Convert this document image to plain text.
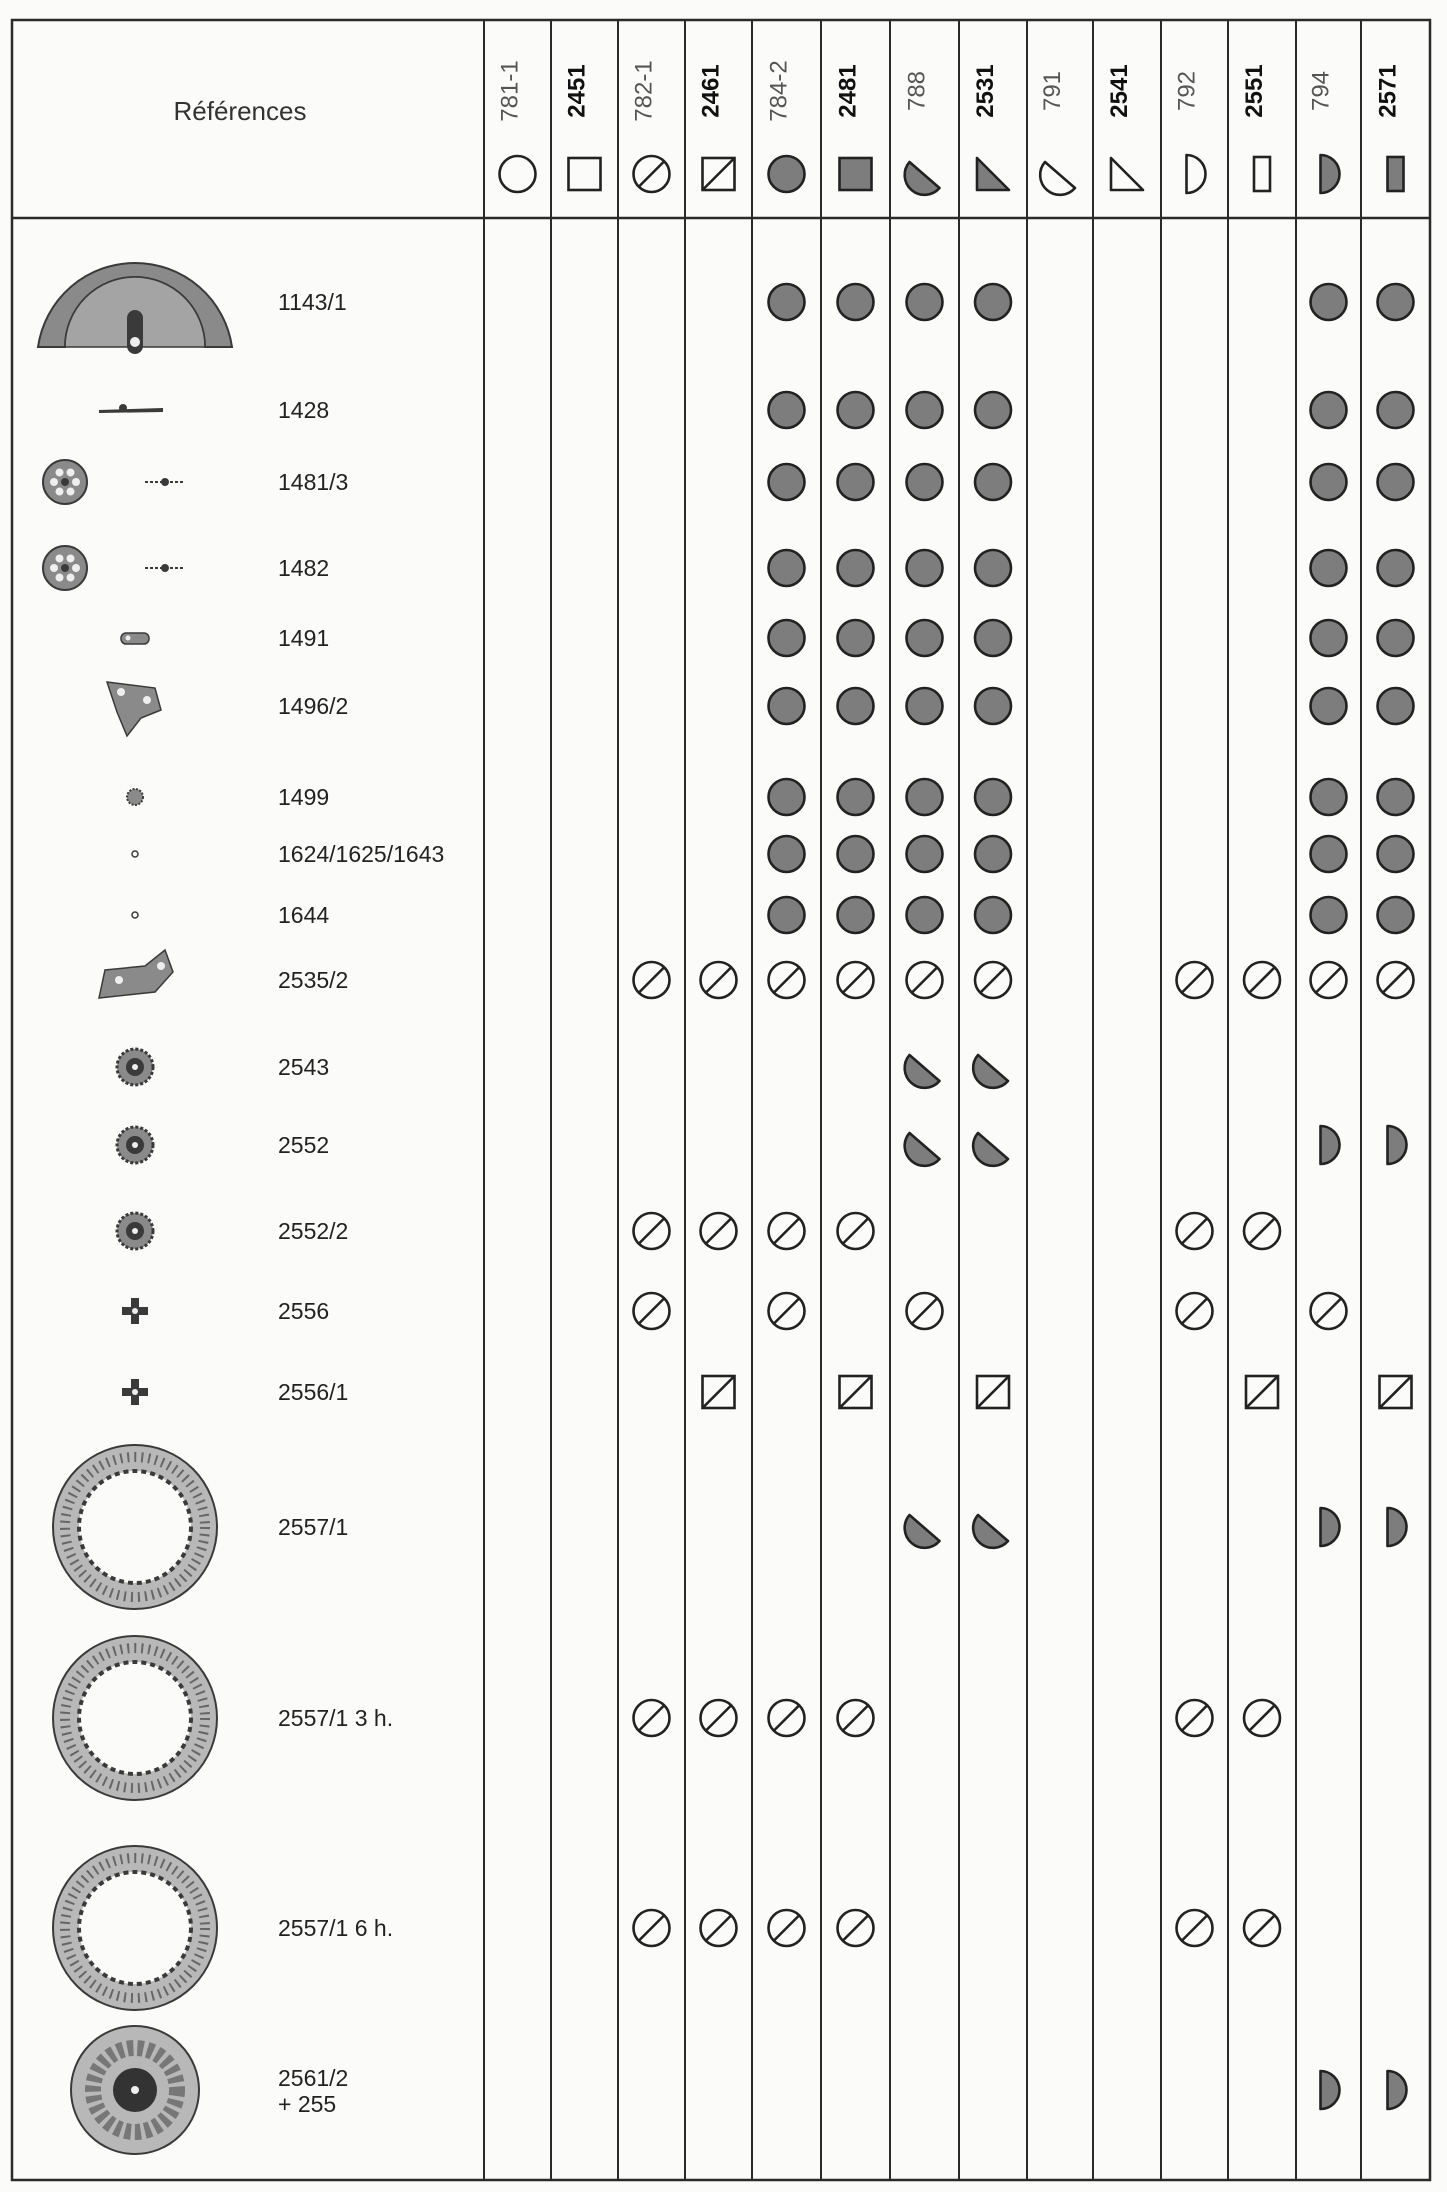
Références	781-1 2451 782-1 2461 784-2 2481 788 2531 791 2541 792 2551 794 2571
1143/1
1428
1481/3
1482
1491
1496/2
1499
1624/1625/1643
1644
2535/2
2543
2552
2552/2
2556
2556/1
2557/1
2557/1 3 h.
2557/1 6 h.
2561/2
+ 255
